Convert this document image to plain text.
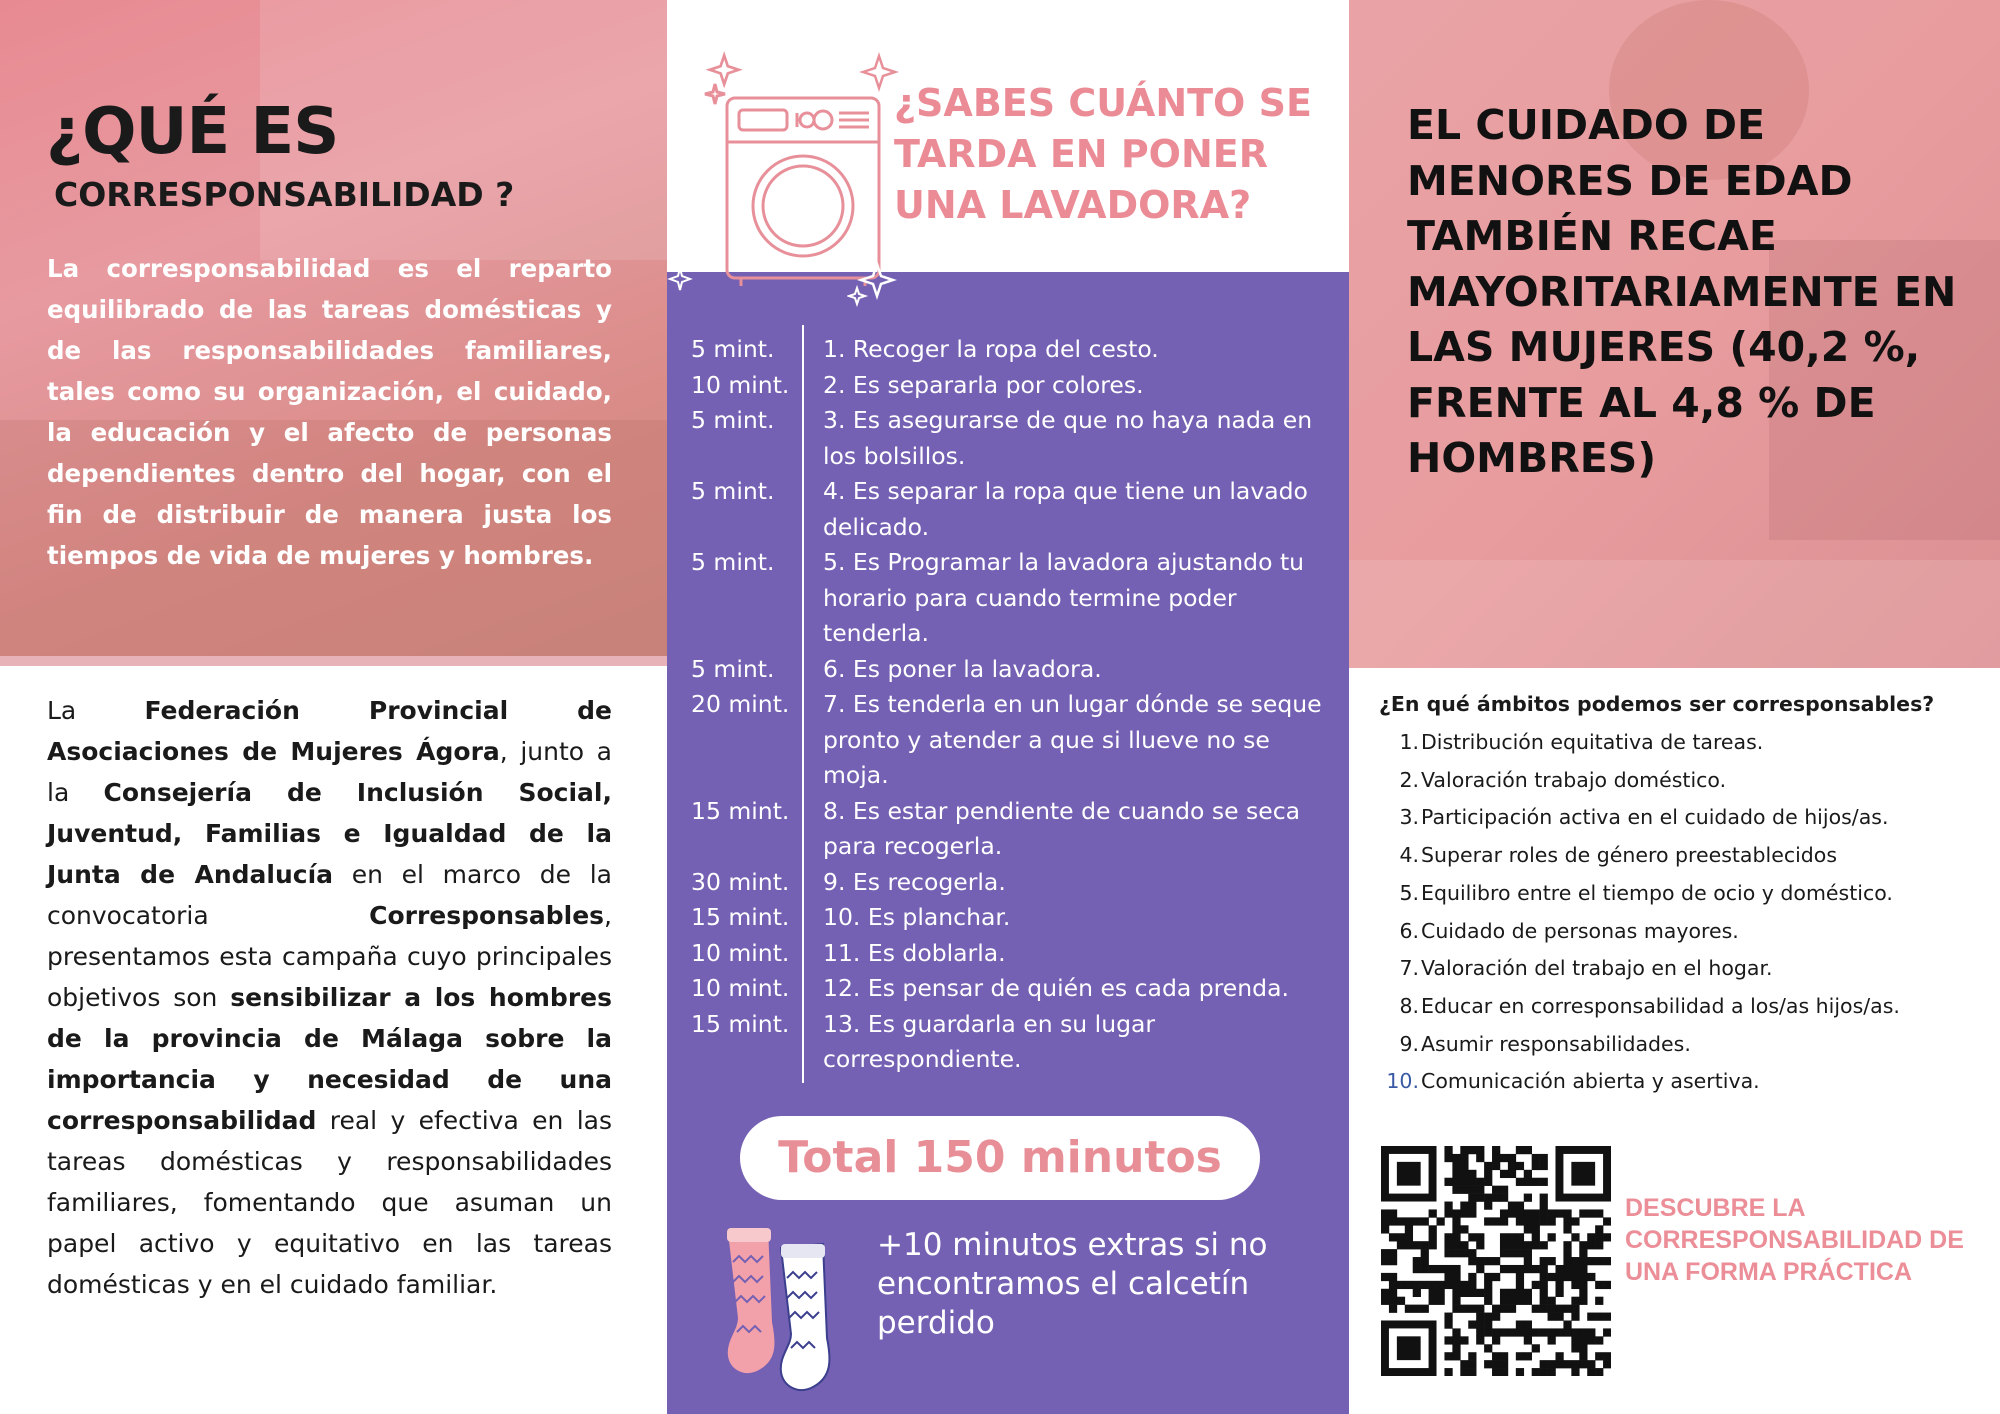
¿QUÉ ES
CORRESPONSABILIDAD ?
La corresponsabilidad es el reparto equilibrado de las tareas domésticas y de las responsabilidades familiares, tales como su organización, el cuidado, la educación y el afecto de personas dependientes dentro del hogar, con el fin de distribuir de manera justa los tiempos de vida de mujeres y hombres.
La Federación Provincial de Asociaciones de Mujeres Ágora, junto a la Consejería de Inclusión Social, Juventud, Familias e Igualdad de la Junta de Andalucía en el marco de la convocatoria Corresponsables, presentamos esta campaña cuyo principales objetivos son sensibilizar a los hombres de la provincia de Málaga sobre la importancia y necesidad de una corresponsabilidad real y efectiva en las tareas domésticas y responsabilidades familiares, fomentando que asuman un papel activo y equitativo en las tareas domésticas y en el cuidado familiar.
¿SABES CUÁNTO SE TARDA EN PONER UNA LAVADORA?
5 mint.	1. Recoger la ropa del cesto.
10 mint.	2. Es separarla por colores.
5 mint.	3. Es asegurarse de que no haya nada en los bolsillos.
5 mint.	4. Es separar la ropa que tiene un lavado delicado.
5 mint.	5. Es Programar la lavadora ajustando tu horario para cuando termine poder tenderla.
5 mint.	6. Es poner la lavadora.
20 mint.	7. Es tenderla en un lugar dónde se seque pronto y atender a que si llueve no se moja.
15 mint.	8. Es estar pendiente de cuando se seca para recogerla.
30 mint.	9. Es recogerla.
15 mint.	10. Es planchar.
10 mint.	11. Es doblarla.
10 mint.	12. Es pensar de quién es cada prenda.
15 mint.	13. Es guardarla en su lugar correspondiente.
Total 150 minutos
+10 minutos extras si no encontramos el calcetín perdido
EL CUIDADO DE MENORES DE EDAD TAMBIÉN RECAE MAYORITARIAMENTE EN LAS MUJERES (40,2 %, FRENTE AL 4,8 % DE HOMBRES)
¿En qué ámbitos podemos ser corresponsables?
1. Distribución equitativa de tareas.
2. Valoración trabajo doméstico.
3. Participación activa en el cuidado de hijos/as.
4. Superar roles de género preestablecidos
5. Equilibro entre el tiempo de ocio y doméstico.
6. Cuidado de personas mayores.
7. Valoración del trabajo en el hogar.
8. Educar en corresponsabilidad a los/as hijos/as.
9. Asumir responsabilidades.
10. Comunicación abierta y asertiva.
DESCUBRE LA CORRESPONSABILIDAD DE UNA FORMA PRÁCTICA
